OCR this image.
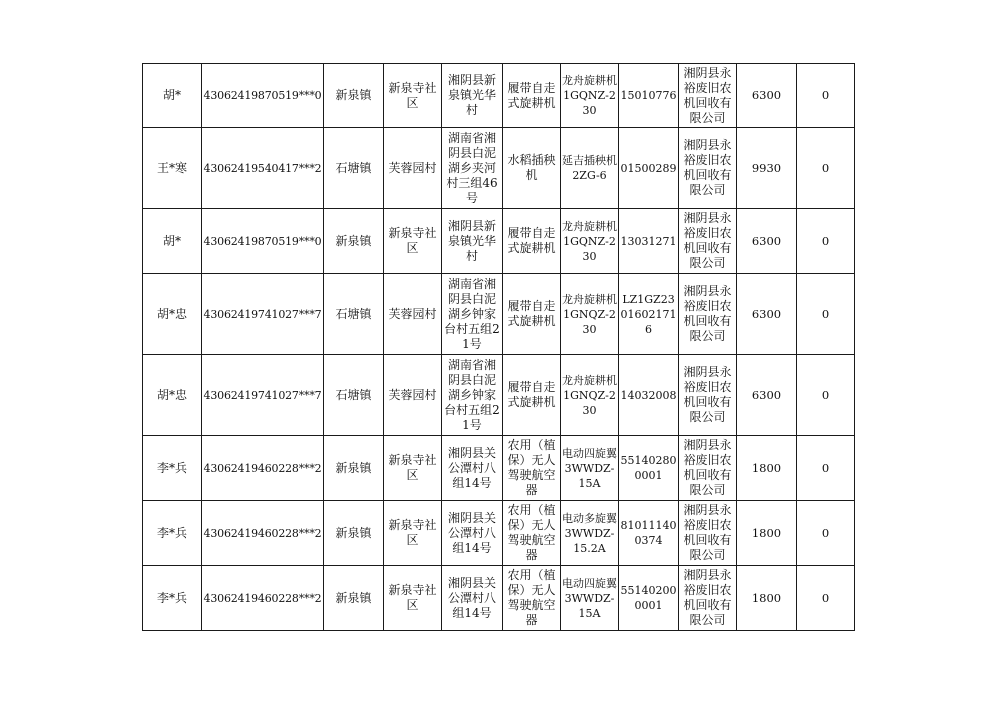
胡*	43062419870519***0	新泉镇	新泉寺社区	湘阴县新泉镇光华村	履带自走式旋耕机	龙舟旋耕机1GQNZ-230	15010776	湘阴县永裕废旧农机回收有限公司	6300	0
王*寒	43062419540417***2	石塘镇	芙蓉园村	湖南省湘阴县白泥湖乡夹河村三组46号	水稻插秧机	延吉插秧机2ZG-6	01500289	湘阴县永裕废旧农机回收有限公司	9930	0
胡*	43062419870519***0	新泉镇	新泉寺社区	湘阴县新泉镇光华村	履带自走式旋耕机	龙舟旋耕机1GQNZ-230	13031271	湘阴县永裕废旧农机回收有限公司	6300	0
胡*忠	43062419741027***7	石塘镇	芙蓉园村	湖南省湘阴县白泥湖乡钟家台村五组21号	履带自走式旋耕机	龙舟旋耕机1GNQZ-230	LZ1GZ23016021716	湘阴县永裕废旧农机回收有限公司	6300	0
胡*忠	43062419741027***7	石塘镇	芙蓉园村	湖南省湘阴县白泥湖乡钟家台村五组21号	履带自走式旋耕机	龙舟旋耕机1GNQZ-230	14032008	湘阴县永裕废旧农机回收有限公司	6300	0
李*兵	43062419460228***2	新泉镇	新泉寺社区	湘阴县关公潭村八组14号	农用（植保）无人驾驶航空器	电动四旋翼3WWDZ-15A	551402800001	湘阴县永裕废旧农机回收有限公司	1800	0
李*兵	43062419460228***2	新泉镇	新泉寺社区	湘阴县关公潭村八组14号	农用（植保）无人驾驶航空器	电动多旋翼3WWDZ-15.2A	810111400374	湘阴县永裕废旧农机回收有限公司	1800	0
李*兵	43062419460228***2	新泉镇	新泉寺社区	湘阴县关公潭村八组14号	农用（植保）无人驾驶航空器	电动四旋翼3WWDZ-15A	551402000001	湘阴县永裕废旧农机回收有限公司	1800	0
